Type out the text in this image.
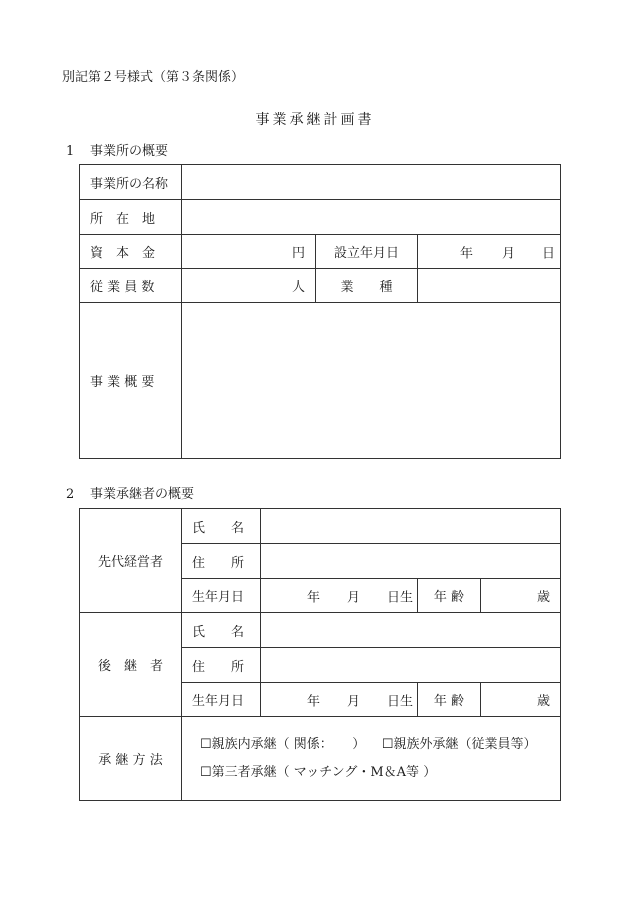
別記第２号様式（第３条関係）
事業承継計画書
1 事業所の概要
事業所の名称			
所　在　地			
資　本　金	円	設立年月日	年 月 日

従 業 員 数	人	業　　種	
事 業 概 要			
2 事業承継者の概要
先代経営者	氏　　名			
	住　　所			
	生年月日	年 月 日生	年 齢	歳
後　継　者	氏　　名			
	住　　所			
	生年月日	年 月 日生	年 齢	歳
承 継 方 法	☐親族内承継（ 関係：　　） ☐親族外承継（従業員等）
☐第三者承継（ マッチング・M＆A等 ）			
